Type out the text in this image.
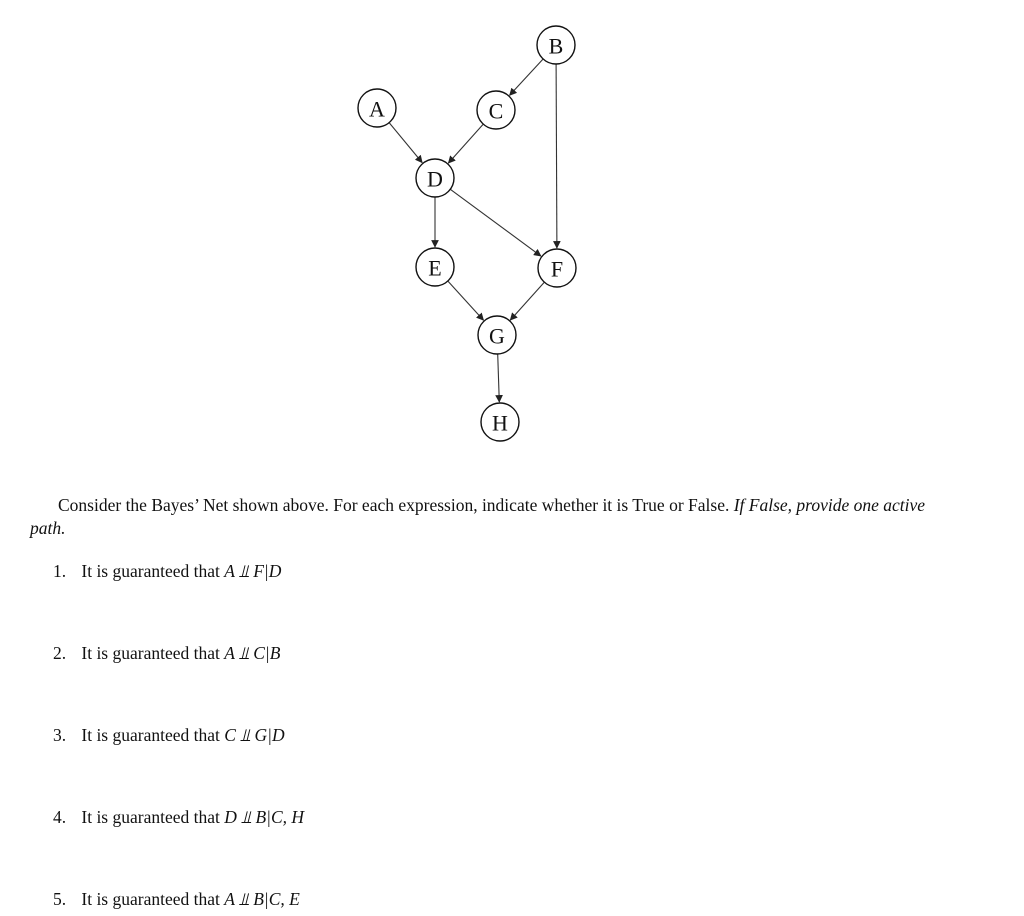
A
B
C
D
E	F
G
H
Consider the Bayes’ Net shown above. For each expression, indicate whether it is True or False. If False, provide one active path.
1. It is guaranteed that A ⫫ F|D
2. It is guaranteed that A ⫫ C|B
3. It is guaranteed that C ⫫ G|D
4. It is guaranteed that D ⫫ B|C, H
5. It is guaranteed that A ⫫ B|C, E
